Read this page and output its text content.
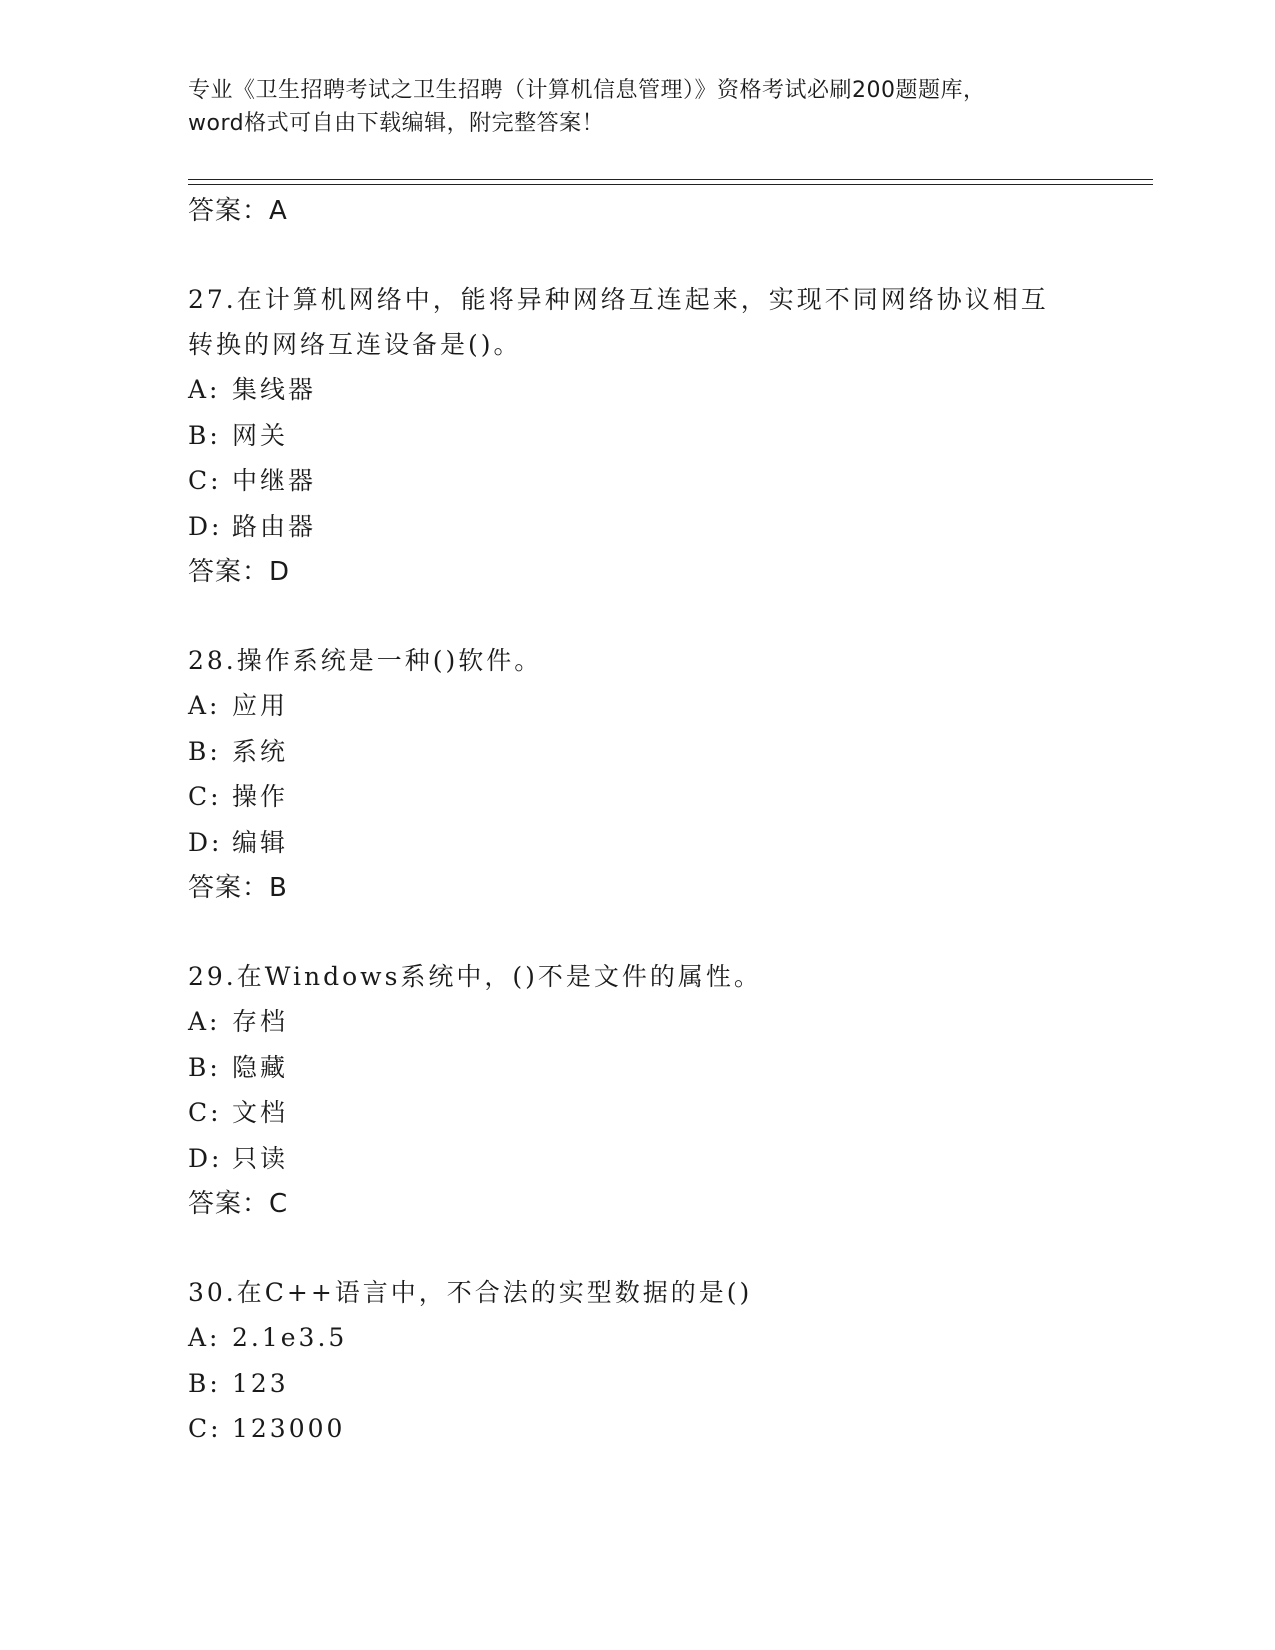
专业《卫生招聘考试之卫生招聘（计算机信息管理）》资格考试必刷200题题库，
word格式可自由下载编辑，附完整答案！
答案：A
27.在计算机网络中，能将异种网络互连起来，实现不同网络协议相互
转换的网络互连设备是()。
A: 集线器
B: 网关
C: 中继器
D: 路由器
答案：D
28.操作系统是一种()软件。
A: 应用
B: 系统
C: 操作
D: 编辑
答案：B
29.在Windows系统中，()不是文件的属性。
A: 存档
B: 隐藏
C: 文档
D: 只读
答案：C
30.在C++语言中，不合法的实型数据的是()
A: 2.1e3.5
B: 123
C: 123000
